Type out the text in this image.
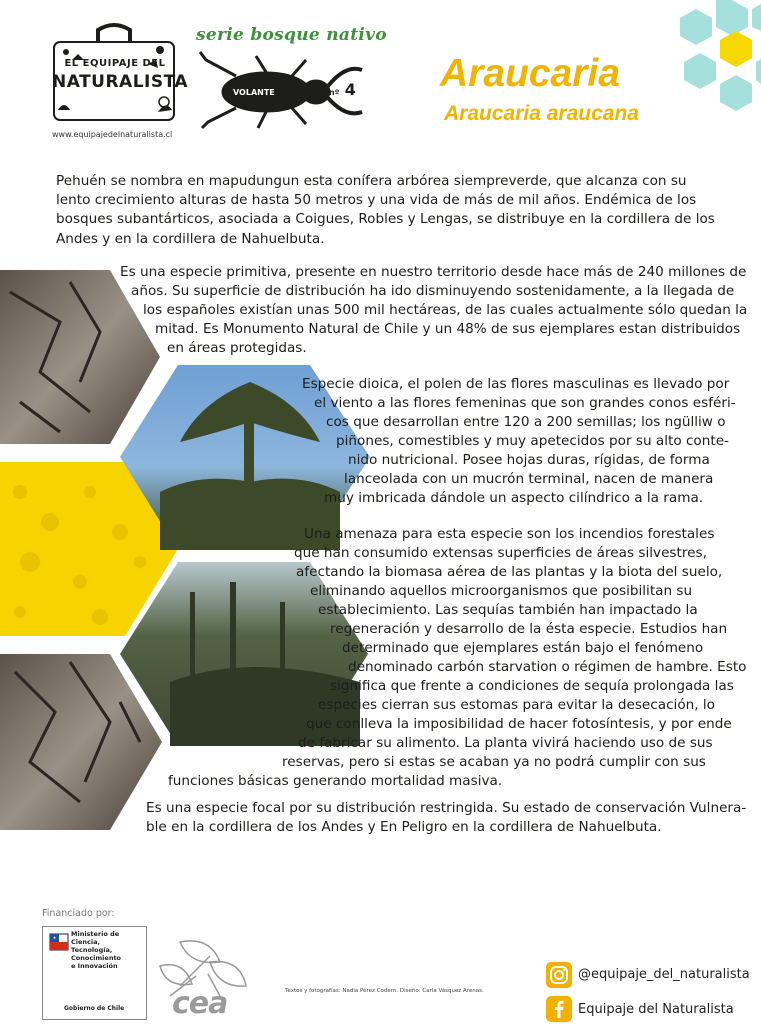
EL EQUIPAJE DEL
NATURALISTA
www.equipajedelnaturalista.cl
serie bosque nativo
VOLANTE	nº 4 Araucaria
Araucaria araucana
Pehuén se nombra en mapudungun esta conífera arbórea siempreverde, que alcanza con su lento crecimiento alturas de hasta 50 metros y una vida de más de mil años. Endémica de los bosques subantárticos, asociada a Coigues, Robles y Lengas, se distribuye en la cordillera de los Andes y en la cordillera de Nahuelbuta.
Es una especie primitiva, presente en nuestro territorio desde hace más de 240 millones de
años. Su superficie de distribución ha ido disminuyendo sostenidamente, a la llegada de
los españoles existían unas 500 mil hectáreas, de las cuales actualmente sólo quedan la
mitad. Es Monumento Natural de Chile y un 48% de sus ejemplares estan distribuidos
en áreas protegidas.
Especie dioica, el polen de las flores masculinas es llevado por
el viento a las flores femeninas que son grandes conos esféri-
cos que desarrollan entre 120 a 200 semillas; los ngülliw o
piñones, comestibles y muy apetecidos por su alto conte-
nido nutricional. Posee hojas duras, rígidas, de forma
lanceolada con un mucrón terminal, nacen de manera
muy imbricada dándole un aspecto cilíndrico a la rama.
Una amenaza para esta especie son los incendios forestales
que han consumido extensas superficies de áreas silvestres,
afectando la biomasa aérea de las plantas y la biota del suelo,
eliminando aquellos microorganismos que posibilitan su
establecimiento. Las sequías también han impactado la
regeneración y desarrollo de la ésta especie. Estudios han
determinado que ejemplares están bajo el fenómeno
denominado carbón starvation o régimen de hambre. Esto
significa que frente a condiciones de sequía prolongada las
especies cierran sus estomas para evitar la desecación, lo
que conlleva la imposibilidad de hacer fotosíntesis, y por ende
de fabricar su alimento. La planta vivirá haciendo uso de sus
reservas, pero si estas se acaban ya no podrá cumplir con sus
funciones básicas generando mortalidad masiva.
Es una especie focal por su distribución restringida. Su estado de conservación Vulnera-
ble en la cordillera de los Andes y En Peligro en la cordillera de Nahuelbuta.
Financiado por:
Ministerio de
Ciencia,
Tecnología,
Conocimiento
e Innovación
Gobierno de Chile cea	Textos y fotografías: Nadia Pérez Codern. Diseño: Carla Vásquez Arenas.
@equipaje_del_naturalista
Equipaje del Naturalista
